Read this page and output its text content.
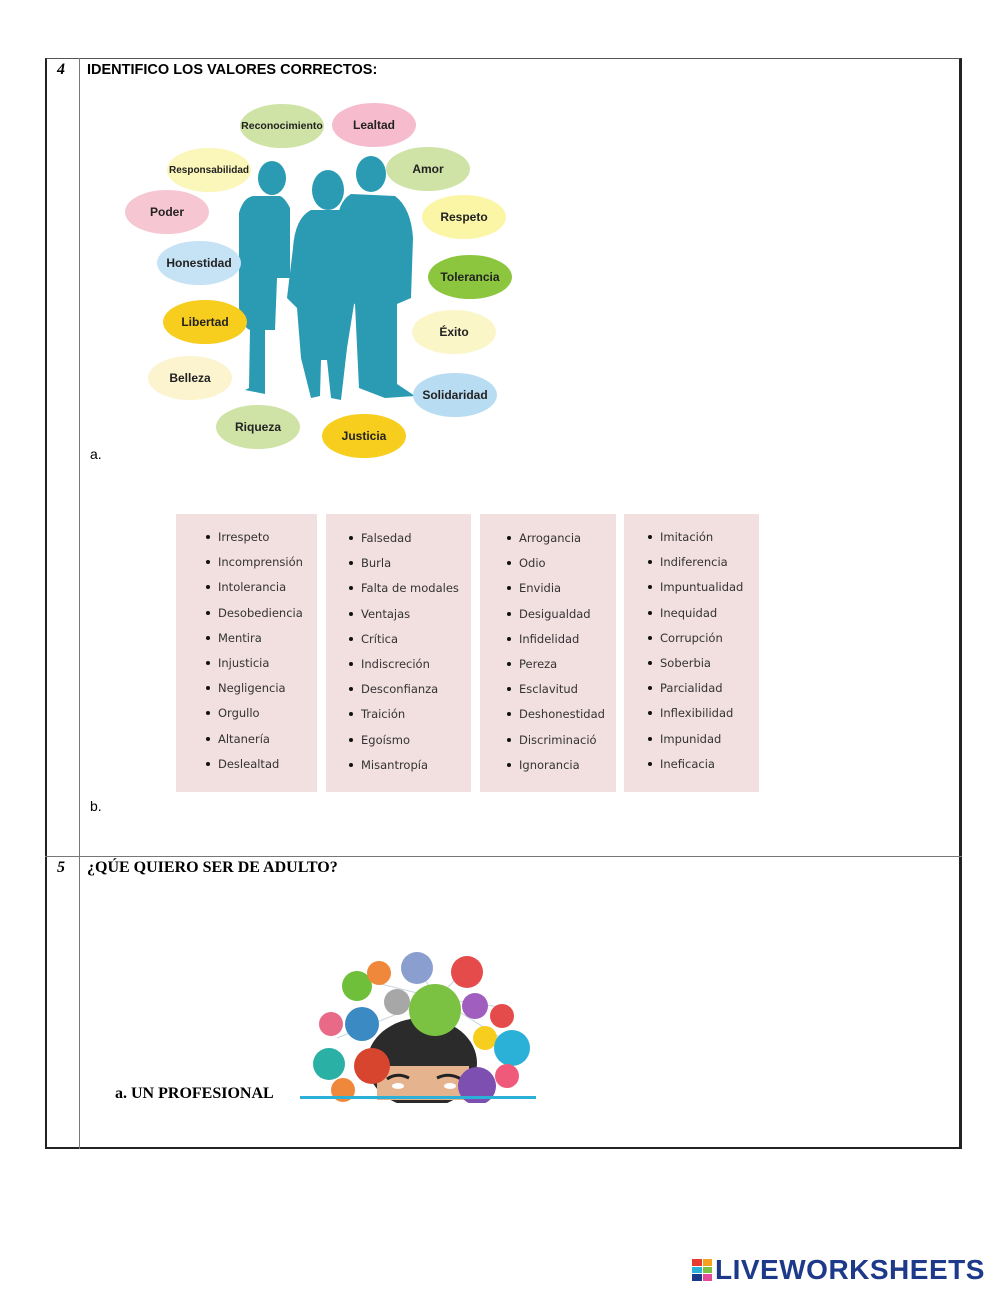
4 IDENTIFICO LOS VALORES CORRECTOS:
Reconocimiento	Lealtad
Amor
Responsabilidad
Respeto
Poder
Honestidad
Tolerancia
Libertad
Éxito
Belleza
Solidaridad
Riqueza
Justicia
a.
Irrespeto
Incomprensión
Intolerancia
Desobediencia
Mentira
Injusticia
Negligencia
Orgullo
Altanería
Deslealtad
Falsedad
Burla
Falta de modales
Ventajas
Crítica
Indiscreción
Desconfianza
Traición
Egoísmo
Misantropía
Arrogancia
Odio
Envidia
Desigualdad
Infidelidad
Pereza
Esclavitud
Deshonestidad
Discriminació
Ignorancia
Imitación
Indiferencia
Impuntualidad
Inequidad
Corrupción
Soberbia
Parcialidad
Inflexibilidad
Impunidad
Ineficacia
b.
5 ¿QÚE QUIERO SER DE ADULTO?
a. UN PROFESIONAL
LIVEWORKSHEETS
